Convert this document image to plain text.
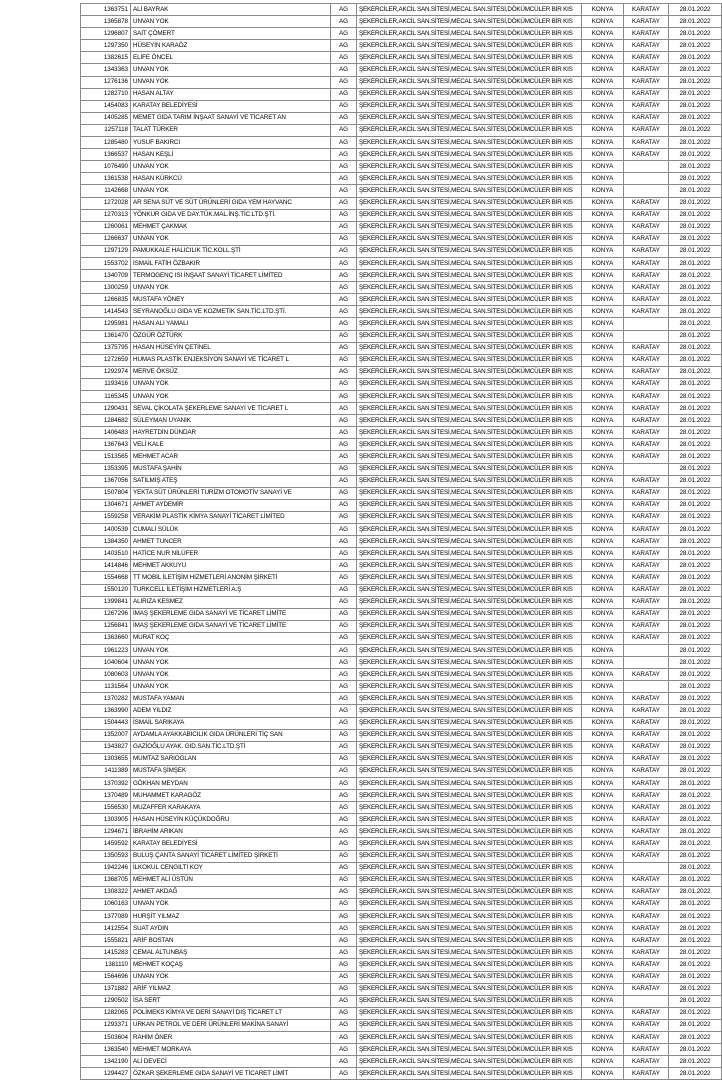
1363751	ALİ BAYRAK	AG	ŞEKERCİLER,AKCİL SAN.SİTESİ,MECAL SAN.SİTESİ,DÖKÜMCÜLER BİR KIS	KONYA	KARATAY	28.01.2022
1365878	UNVAN YOK	AG	ŞEKERCİLER,AKCİL SAN.SİTESİ,MECAL SAN.SİTESİ,DÖKÜMCÜLER BİR KIS	KONYA	KARATAY	28.01.2022
1296807	SAİT ÇÖMERT	AG	ŞEKERCİLER,AKCİL SAN.SİTESİ,MECAL SAN.SİTESİ,DÖKÜMCÜLER BİR KIS	KONYA	KARATAY	28.01.2022
1297350	HÜSEYİN KARAÖZ	AG	ŞEKERCİLER,AKCİL SAN.SİTESİ,MECAL SAN.SİTESİ,DÖKÜMCÜLER BİR KIS	KONYA	KARATAY	28.01.2022
1382615	ELİFE ÖNCEL	AG	ŞEKERCİLER,AKCİL SAN.SİTESİ,MECAL SAN.SİTESİ,DÖKÜMCÜLER BİR KIS	KONYA	KARATAY	28.01.2022
1343363	UNVAN YOK	AG	ŞEKERCİLER,AKCİL SAN.SİTESİ,MECAL SAN.SİTESİ,DÖKÜMCÜLER BİR KIS	KONYA	KARATAY	28.01.2022
1276136	UNVAN YOK	AG	ŞEKERCİLER,AKCİL SAN.SİTESİ,MECAL SAN.SİTESİ,DÖKÜMCÜLER BİR KIS	KONYA	KARATAY	28.01.2022
1282710	HASAN ALTAY	AG	ŞEKERCİLER,AKCİL SAN.SİTESİ,MECAL SAN.SİTESİ,DÖKÜMCÜLER BİR KIS	KONYA	KARATAY	28.01.2022
1454083	KARATAY BELEDİYESİ	AG	ŞEKERCİLER,AKCİL SAN.SİTESİ,MECAL SAN.SİTESİ,DÖKÜMCÜLER BİR KIS	KONYA	KARATAY	28.01.2022
1405285	MEMET GIDA TARIM İNŞAAT SANAYİ VE TİCARET AN	AG	ŞEKERCİLER,AKCİL SAN.SİTESİ,MECAL SAN.SİTESİ,DÖKÜMCÜLER BİR KIS	KONYA	KARATAY	28.01.2022
1257118	TALAT TÜRKER	AG	ŞEKERCİLER,AKCİL SAN.SİTESİ,MECAL SAN.SİTESİ,DÖKÜMCÜLER BİR KIS	KONYA	KARATAY	28.01.2022
1285480	YUSUF BAKIRCI	AG	ŞEKERCİLER,AKCİL SAN.SİTESİ,MECAL SAN.SİTESİ,DÖKÜMCÜLER BİR KIS	KONYA	KARATAY	28.01.2022
1366537	HASAN KEŞLİ	AG	ŞEKERCİLER,AKCİL SAN.SİTESİ,MECAL SAN.SİTESİ,DÖKÜMCÜLER BİR KIS	KONYA	KARATAY	28.01.2022
1076490	UNVAN YOK	AG	ŞEKERCİLER,AKCİL SAN.SİTESİ,MECAL SAN.SİTESİ,DÖKÜMCÜLER BİR KIS	KONYA		28.01.2022
1361538	HASAN KÜRKCÜ	AG	ŞEKERCİLER,AKCİL SAN.SİTESİ,MECAL SAN.SİTESİ,DÖKÜMCÜLER BİR KIS	KONYA		28.01.2022
1142668	UNVAN YOK	AG	ŞEKERCİLER,AKCİL SAN.SİTESİ,MECAL SAN.SİTESİ,DÖKÜMCÜLER BİR KIS	KONYA		28.01.2022
1272028	AR SENA SÜT VE SÜT ÜRÜNLERİ GIDA YEM HAYVANC	AG	ŞEKERCİLER,AKCİL SAN.SİTESİ,MECAL SAN.SİTESİ,DÖKÜMCÜLER BİR KIS	KONYA	KARATAY	28.01.2022
1270313	YÖNKUR GIDA VE DAY.TÜK.MAL.İNŞ.TİC.LTD.ŞTİ.	AG	ŞEKERCİLER,AKCİL SAN.SİTESİ,MECAL SAN.SİTESİ,DÖKÜMCÜLER BİR KIS	KONYA	KARATAY	28.01.2022
1260061	MEHMET ÇAKMAK	AG	ŞEKERCİLER,AKCİL SAN.SİTESİ,MECAL SAN.SİTESİ,DÖKÜMCÜLER BİR KIS	KONYA	KARATAY	28.01.2022
1266637	UNVAN YOK	AG	ŞEKERCİLER,AKCİL SAN.SİTESİ,MECAL SAN.SİTESİ,DÖKÜMCÜLER BİR KIS	KONYA	KARATAY	28.01.2022
1297129	PAMUKKALE HALICILIK TİC.KOLL.ŞTİ	AG	ŞEKERCİLER,AKCİL SAN.SİTESİ,MECAL SAN.SİTESİ,DÖKÜMCÜLER BİR KIS	KONYA	KARATAY	28.01.2022
1553702	İSMAİL FATİH ÖZBAKIR	AG	ŞEKERCİLER,AKCİL SAN.SİTESİ,MECAL SAN.SİTESİ,DÖKÜMCÜLER BİR KIS	KONYA	KARATAY	28.01.2022
1340709	TERMOGENÇ ISI İNŞAAT SANAYİ TİCARET LİMİTED	AG	ŞEKERCİLER,AKCİL SAN.SİTESİ,MECAL SAN.SİTESİ,DÖKÜMCÜLER BİR KIS	KONYA	KARATAY	28.01.2022
1300259	UNVAN YOK	AG	ŞEKERCİLER,AKCİL SAN.SİTESİ,MECAL SAN.SİTESİ,DÖKÜMCÜLER BİR KIS	KONYA	KARATAY	28.01.2022
1266835	MUSTAFA YÖNEY	AG	ŞEKERCİLER,AKCİL SAN.SİTESİ,MECAL SAN.SİTESİ,DÖKÜMCÜLER BİR KIS	KONYA	KARATAY	28.01.2022
1414543	SEYRANOĞLU GIDA VE KOZMETİK SAN.TİC.LTD.ŞTİ.	AG	ŞEKERCİLER,AKCİL SAN.SİTESİ,MECAL SAN.SİTESİ,DÖKÜMCÜLER BİR KIS	KONYA	KARATAY	28.01.2022
1295981	HASAN ALI YAMALI	AG	ŞEKERCİLER,AKCİL SAN.SİTESİ,MECAL SAN.SİTESİ,DÖKÜMCÜLER BİR KIS	KONYA		28.01.2022
1361470	ÖZGÜR ÖZTÜRK	AG	ŞEKERCİLER,AKCİL SAN.SİTESİ,MECAL SAN.SİTESİ,DÖKÜMCÜLER BİR KIS	KONYA		28.01.2022
1375795	HASAN HÜSEYİN ÇETİNEL	AG	ŞEKERCİLER,AKCİL SAN.SİTESİ,MECAL SAN.SİTESİ,DÖKÜMCÜLER BİR KIS	KONYA	KARATAY	28.01.2022
1272659	HUMAS PLASTİK ENJEKSİYON SANAYİ VE TİCARET L	AG	ŞEKERCİLER,AKCİL SAN.SİTESİ,MECAL SAN.SİTESİ,DÖKÜMCÜLER BİR KIS	KONYA	KARATAY	28.01.2022
1292974	MERVE ÖKSÜZ	AG	ŞEKERCİLER,AKCİL SAN.SİTESİ,MECAL SAN.SİTESİ,DÖKÜMCÜLER BİR KIS	KONYA	KARATAY	28.01.2022
1193416	UNVAN YOK	AG	ŞEKERCİLER,AKCİL SAN.SİTESİ,MECAL SAN.SİTESİ,DÖKÜMCÜLER BİR KIS	KONYA	KARATAY	28.01.2022
1165345	UNVAN YOK	AG	ŞEKERCİLER,AKCİL SAN.SİTESİ,MECAL SAN.SİTESİ,DÖKÜMCÜLER BİR KIS	KONYA	KARATAY	28.01.2022
1290431	SEVAL ÇİKOLATA ŞEKERLEME SANAYİ VE TİCARET L	AG	ŞEKERCİLER,AKCİL SAN.SİTESİ,MECAL SAN.SİTESİ,DÖKÜMCÜLER BİR KIS	KONYA	KARATAY	28.01.2022
1284682	SÜLEYMAN UYANIK	AG	ŞEKERCİLER,AKCİL SAN.SİTESİ,MECAL SAN.SİTESİ,DÖKÜMCÜLER BİR KIS	KONYA	KARATAY	28.01.2022
1406483	HAYRETDİN DÜNDAR	AG	ŞEKERCİLER,AKCİL SAN.SİTESİ,MECAL SAN.SİTESİ,DÖKÜMCÜLER BİR KIS	KONYA	KARATAY	28.01.2022
1367643	VELİ KALE	AG	ŞEKERCİLER,AKCİL SAN.SİTESİ,MECAL SAN.SİTESİ,DÖKÜMCÜLER BİR KIS	KONYA	KARATAY	28.01.2022
1513565	MEHMET ACAR	AG	ŞEKERCİLER,AKCİL SAN.SİTESİ,MECAL SAN.SİTESİ,DÖKÜMCÜLER BİR KIS	KONYA	KARATAY	28.01.2022
1353395	MUSTAFA ŞAHİN	AG	ŞEKERCİLER,AKCİL SAN.SİTESİ,MECAL SAN.SİTESİ,DÖKÜMCÜLER BİR KIS	KONYA		28.01.2022
1367056	SATILMIŞ ATEŞ	AG	ŞEKERCİLER,AKCİL SAN.SİTESİ,MECAL SAN.SİTESİ,DÖKÜMCÜLER BİR KIS	KONYA	KARATAY	28.01.2022
1507804	YEKTA SÜT ÜRÜNLERİ TURİZM OTOMOTİV SANAYİ VE	AG	ŞEKERCİLER,AKCİL SAN.SİTESİ,MECAL SAN.SİTESİ,DÖKÜMCÜLER BİR KIS	KONYA	KARATAY	28.01.2022
1304671	AHMET AYDEMİR	AG	ŞEKERCİLER,AKCİL SAN.SİTESİ,MECAL SAN.SİTESİ,DÖKÜMCÜLER BİR KIS	KONYA	KARATAY	28.01.2022
1559258	VERAKİM PLASTİK KİMYA SANAYİ TİCARET LİMİTED	AG	ŞEKERCİLER,AKCİL SAN.SİTESİ,MECAL SAN.SİTESİ,DÖKÜMCÜLER BİR KIS	KONYA	KARATAY	28.01.2022
1400539	CUMALİ SÜLÜK	AG	ŞEKERCİLER,AKCİL SAN.SİTESİ,MECAL SAN.SİTESİ,DÖKÜMCÜLER BİR KIS	KONYA	KARATAY	28.01.2022
1384350	AHMET TUNCER	AG	ŞEKERCİLER,AKCİL SAN.SİTESİ,MECAL SAN.SİTESİ,DÖKÜMCÜLER BİR KIS	KONYA	KARATAY	28.01.2022
1403510	HATİCE NUR NİLÜFER	AG	ŞEKERCİLER,AKCİL SAN.SİTESİ,MECAL SAN.SİTESİ,DÖKÜMCÜLER BİR KIS	KONYA	KARATAY	28.01.2022
1414846	MEHMET AKKUYU	AG	ŞEKERCİLER,AKCİL SAN.SİTESİ,MECAL SAN.SİTESİ,DÖKÜMCÜLER BİR KIS	KONYA	KARATAY	28.01.2022
1554668	TT MOBİL İLETİŞİM HİZMETLERİ ANONİM ŞİRKETİ	AG	ŞEKERCİLER,AKCİL SAN.SİTESİ,MECAL SAN.SİTESİ,DÖKÜMCÜLER BİR KIS	KONYA	KARATAY	28.01.2022
1550120	TURKCELL İLETİŞİM HİZMETLERİ A.Ş	AG	ŞEKERCİLER,AKCİL SAN.SİTESİ,MECAL SAN.SİTESİ,DÖKÜMCÜLER BİR KIS	KONYA	KARATAY	28.01.2022
1399841	ALIRIZA KESMEZ	AG	ŞEKERCİLER,AKCİL SAN.SİTESİ,MECAL SAN.SİTESİ,DÖKÜMCÜLER BİR KIS	KONYA	KARATAY	28.01.2022
1267296	İMAŞ ŞEKERLEME GIDA SANAYİ VE TİCARET LİMİTE	AG	ŞEKERCİLER,AKCİL SAN.SİTESİ,MECAL SAN.SİTESİ,DÖKÜMCÜLER BİR KIS	KONYA	KARATAY	28.01.2022
1256841	İMAŞ ŞEKERLEME GIDA SANAYİ VE TİCARET LİMİTE	AG	ŞEKERCİLER,AKCİL SAN.SİTESİ,MECAL SAN.SİTESİ,DÖKÜMCÜLER BİR KIS	KONYA	KARATAY	28.01.2022
1363660	MURAT KOÇ	AG	ŞEKERCİLER,AKCİL SAN.SİTESİ,MECAL SAN.SİTESİ,DÖKÜMCÜLER BİR KIS	KONYA	KARATAY	28.01.2022
1961223	UNVAN YOK	AG	ŞEKERCİLER,AKCİL SAN.SİTESİ,MECAL SAN.SİTESİ,DÖKÜMCÜLER BİR KIS	KONYA		28.01.2022
1040604	UNVAN YOK	AG	ŞEKERCİLER,AKCİL SAN.SİTESİ,MECAL SAN.SİTESİ,DÖKÜMCÜLER BİR KIS	KONYA		28.01.2022
1080603	UNVAN YOK	AG	ŞEKERCİLER,AKCİL SAN.SİTESİ,MECAL SAN.SİTESİ,DÖKÜMCÜLER BİR KIS	KONYA	KARATAY	28.01.2022
1131564	UNVAN YOK	AG	ŞEKERCİLER,AKCİL SAN.SİTESİ,MECAL SAN.SİTESİ,DÖKÜMCÜLER BİR KIS	KONYA		28.01.2022
1370282	MUSTAFA YAMAN	AG	ŞEKERCİLER,AKCİL SAN.SİTESİ,MECAL SAN.SİTESİ,DÖKÜMCÜLER BİR KIS	KONYA	KARATAY	28.01.2022
1363990	ADEM YILDIZ	AG	ŞEKERCİLER,AKCİL SAN.SİTESİ,MECAL SAN.SİTESİ,DÖKÜMCÜLER BİR KIS	KONYA	KARATAY	28.01.2022
1504443	İSMAİL SARIKAYA	AG	ŞEKERCİLER,AKCİL SAN.SİTESİ,MECAL SAN.SİTESİ,DÖKÜMCÜLER BİR KIS	KONYA	KARATAY	28.01.2022
1352007	AYDAMLA AYAKKABICILIK GIDA ÜRÜNLERİ TİÇ SAN	AG	ŞEKERCİLER,AKCİL SAN.SİTESİ,MECAL SAN.SİTESİ,DÖKÜMCÜLER BİR KIS	KONYA	KARATAY	28.01.2022
1343827	GAZİOĞLU AYAK. GID.SAN.TİC.LTD.ŞTİ	AG	ŞEKERCİLER,AKCİL SAN.SİTESİ,MECAL SAN.SİTESİ,DÖKÜMCÜLER BİR KIS	KONYA	KARATAY	28.01.2022
1303655	MUMTAZ SARIOGLAN	AG	ŞEKERCİLER,AKCİL SAN.SİTESİ,MECAL SAN.SİTESİ,DÖKÜMCÜLER BİR KIS	KONYA	KARATAY	28.01.2022
1411389	MUSTAFA ŞİMŞEK	AG	ŞEKERCİLER,AKCİL SAN.SİTESİ,MECAL SAN.SİTESİ,DÖKÜMCÜLER BİR KIS	KONYA	KARATAY	28.01.2022
1370392	GÖKHAN MEYDAN	AG	ŞEKERCİLER,AKCİL SAN.SİTESİ,MECAL SAN.SİTESİ,DÖKÜMCÜLER BİR KIS	KONYA	KARATAY	28.01.2022
1370489	MUHAMMET KARAGÖZ	AG	ŞEKERCİLER,AKCİL SAN.SİTESİ,MECAL SAN.SİTESİ,DÖKÜMCÜLER BİR KIS	KONYA	KARATAY	28.01.2022
1556530	MUZAFFER KARAKAYA	AG	ŞEKERCİLER,AKCİL SAN.SİTESİ,MECAL SAN.SİTESİ,DÖKÜMCÜLER BİR KIS	KONYA	KARATAY	28.01.2022
1303905	HASAN HÜSEYİN KÜÇÜKDOĞRU	AG	ŞEKERCİLER,AKCİL SAN.SİTESİ,MECAL SAN.SİTESİ,DÖKÜMCÜLER BİR KIS	KONYA	KARATAY	28.01.2022
1294671	İBRAHİM ARIKAN	AG	ŞEKERCİLER,AKCİL SAN.SİTESİ,MECAL SAN.SİTESİ,DÖKÜMCÜLER BİR KIS	KONYA	KARATAY	28.01.2022
1459592	KARATAY BELEDİYESİ	AG	ŞEKERCİLER,AKCİL SAN.SİTESİ,MECAL SAN.SİTESİ,DÖKÜMCÜLER BİR KIS	KONYA	KARATAY	28.01.2022
1350593	BULUŞ ÇANTA SANAYİ TİCARET LİMİTED ŞİRKETİ	AG	ŞEKERCİLER,AKCİL SAN.SİTESİ,MECAL SAN.SİTESİ,DÖKÜMCÜLER BİR KIS	KONYA	KARATAY	28.01.2022
1942246	İLKOKUL CENGILTI KOY	AG	ŞEKERCİLER,AKCİL SAN.SİTESİ,MECAL SAN.SİTESİ,DÖKÜMCÜLER BİR KIS	KONYA		28.01.2022
1368705	MEHMET ALİ ÜSTÜN	AG	ŞEKERCİLER,AKCİL SAN.SİTESİ,MECAL SAN.SİTESİ,DÖKÜMCÜLER BİR KIS	KONYA	KARATAY	28.01.2022
1308322	AHMET AKDAĞ	AG	ŞEKERCİLER,AKCİL SAN.SİTESİ,MECAL SAN.SİTESİ,DÖKÜMCÜLER BİR KIS	KONYA	KARATAY	28.01.2022
1060163	UNVAN YOK	AG	ŞEKERCİLER,AKCİL SAN.SİTESİ,MECAL SAN.SİTESİ,DÖKÜMCÜLER BİR KIS	KONYA	KARATAY	28.01.2022
1377089	HURŞİT YILMAZ	AG	ŞEKERCİLER,AKCİL SAN.SİTESİ,MECAL SAN.SİTESİ,DÖKÜMCÜLER BİR KIS	KONYA	KARATAY	28.01.2022
1412554	SUAT AYDIN	AG	ŞEKERCİLER,AKCİL SAN.SİTESİ,MECAL SAN.SİTESİ,DÖKÜMCÜLER BİR KIS	KONYA	KARATAY	28.01.2022
1555821	ARİF BOSTAN	AG	ŞEKERCİLER,AKCİL SAN.SİTESİ,MECAL SAN.SİTESİ,DÖKÜMCÜLER BİR KIS	KONYA	KARATAY	28.01.2022
1415283	CEMAL ALTUNBAŞ	AG	ŞEKERCİLER,AKCİL SAN.SİTESİ,MECAL SAN.SİTESİ,DÖKÜMCÜLER BİR KIS	KONYA	KARATAY	28.01.2022
1381110	MEHMET KOÇAŞ	AG	ŞEKERCİLER,AKCİL SAN.SİTESİ,MECAL SAN.SİTESİ,DÖKÜMCÜLER BİR KIS	KONYA	KARATAY	28.01.2022
1564696	UNVAN YOK	AG	ŞEKERCİLER,AKCİL SAN.SİTESİ,MECAL SAN.SİTESİ,DÖKÜMCÜLER BİR KIS	KONYA	KARATAY	28.01.2022
1371882	ARİF YILMAZ	AG	ŞEKERCİLER,AKCİL SAN.SİTESİ,MECAL SAN.SİTESİ,DÖKÜMCÜLER BİR KIS	KONYA	KARATAY	28.01.2022
1290502	İSA SERT	AG	ŞEKERCİLER,AKCİL SAN.SİTESİ,MECAL SAN.SİTESİ,DÖKÜMCÜLER BİR KIS	KONYA		28.01.2022
1282065	POLİMEKS KİMYA VE DERİ SANAYİ DIŞ TİCARET LT	AG	ŞEKERCİLER,AKCİL SAN.SİTESİ,MECAL SAN.SİTESİ,DÖKÜMCÜLER BİR KIS	KONYA	KARATAY	28.01.2022
1293371	URKAN PETROL VE DERİ ÜRÜNLERİ MAKİNA SANAYİ	AG	ŞEKERCİLER,AKCİL SAN.SİTESİ,MECAL SAN.SİTESİ,DÖKÜMCÜLER BİR KIS	KONYA	KARATAY	28.01.2022
1503604	RAHİM ÖNER	AG	ŞEKERCİLER,AKCİL SAN.SİTESİ,MECAL SAN.SİTESİ,DÖKÜMCÜLER BİR KIS	KONYA	KARATAY	28.01.2022
1363540	MEHMET MORKAYA	AG	ŞEKERCİLER,AKCİL SAN.SİTESİ,MECAL SAN.SİTESİ,DÖKÜMCÜLER BİR KIS	KONYA	KARATAY	28.01.2022
1342190	ALİ DEVECİ	AG	ŞEKERCİLER,AKCİL SAN.SİTESİ,MECAL SAN.SİTESİ,DÖKÜMCÜLER BİR KIS	KONYA	KARATAY	28.01.2022
1294427	ÖZKAR ŞEKERLEME GIDA SANAYİ VE TİCARET LİMİT	AG	ŞEKERCİLER,AKCİL SAN.SİTESİ,MECAL SAN.SİTESİ,DÖKÜMCÜLER BİR KIS	KONYA	KARATAY	28.01.2022
